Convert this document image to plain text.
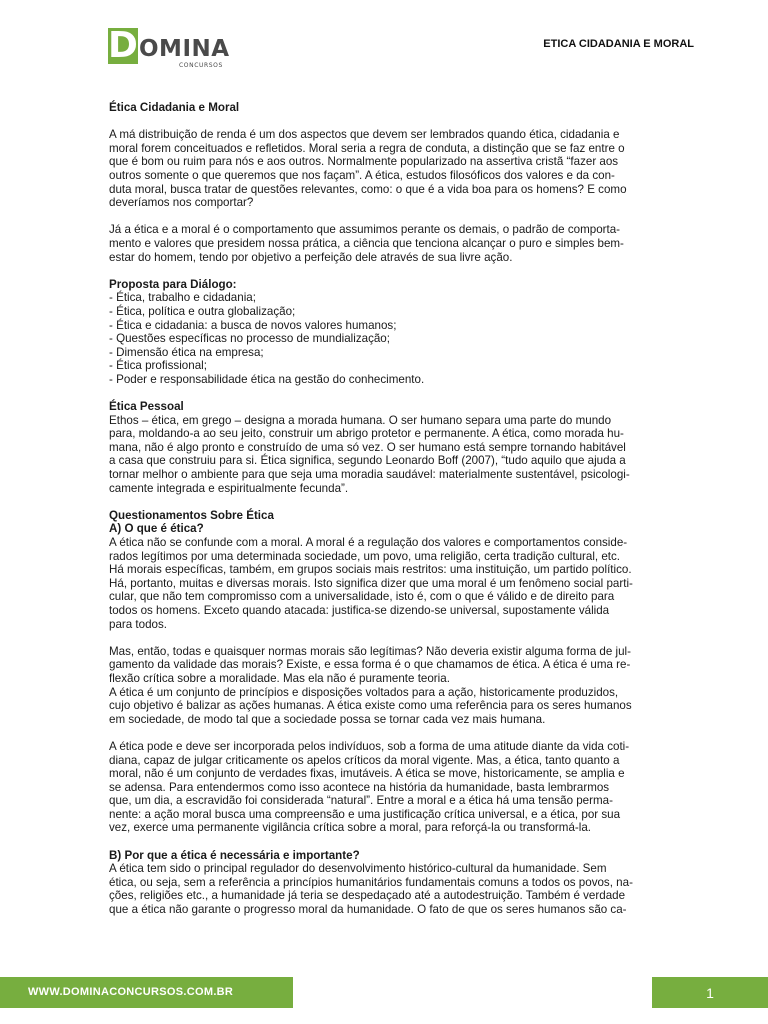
D OMINA
CONCURSOS
ETICA CIDADANIA E MORAL

Ética Cidadania e Moral

A má distribuição de renda é um dos aspectos que devem ser lembrados quando ética, cidadania e
moral forem conceituados e refletidos. Moral seria a regra de conduta, a distinção que se faz entre o
que é bom ou ruim para nós e aos outros. Normalmente popularizado na assertiva cristã “fazer aos
outros somente o que queremos que nos façam”. A ética, estudos filosóficos dos valores e da con-
duta moral, busca tratar de questões relevantes, como: o que é a vida boa para os homens? E como
deveríamos nos comportar?
Já a ética e a moral é o comportamento que assumimos perante os demais, o padrão de comporta-
mento e valores que presidem nossa prática, a ciência que tenciona alcançar o puro e simples bem-
estar do homem, tendo por objetivo a perfeição dele através de sua livre ação.

Proposta para Diálogo:

- Ética, trabalho e cidadania;
- Ética, política e outra globalização;
- Ética e cidadania: a busca de novos valores humanos;
- Questões específicas no processo de mundialização;
- Dimensão ética na empresa;
- Ética profissional;
- Poder e responsabilidade ética na gestão do conhecimento.

Ética Pessoal

Ethos – ética, em grego – designa a morada humana. O ser humano separa uma parte do mundo
para, moldando-a ao seu jeito, construir um abrigo protetor e permanente. A ética, como morada hu-
mana, não é algo pronto e construído de uma só vez. O ser humano está sempre tornando habitável
a casa que construiu para si. Ética significa, segundo Leonardo Boff (2007), “tudo aquilo que ajuda a
tornar melhor o ambiente para que seja uma moradia saudável: materialmente sustentável, psicologi-
camente integrada e espiritualmente fecunda”.

Questionamentos Sobre Ética

A) O que é ética?

A ética não se confunde com a moral. A moral é a regulação dos valores e comportamentos conside-
rados legítimos por uma determinada sociedade, um povo, uma religião, certa tradição cultural, etc.
Há morais específicas, também, em grupos sociais mais restritos: uma instituição, um partido político.
Há, portanto, muitas e diversas morais. Isto significa dizer que uma moral é um fenômeno social parti-
cular, que não tem compromisso com a universalidade, isto é, com o que é válido e de direito para
todos os homens. Exceto quando atacada: justifica-se dizendo-se universal, supostamente válida
para todos.
Mas, então, todas e quaisquer normas morais são legítimas? Não deveria existir alguma forma de jul-
gamento da validade das morais? Existe, e essa forma é o que chamamos de ética. A ética é uma re-
flexão crítica sobre a moralidade. Mas ela não é puramente teoria.
A ética é um conjunto de princípios e disposições voltados para a ação, historicamente produzidos,
cujo objetivo é balizar as ações humanas. A ética existe como uma referência para os seres humanos
em sociedade, de modo tal que a sociedade possa se tornar cada vez mais humana.
A ética pode e deve ser incorporada pelos indivíduos, sob a forma de uma atitude diante da vida coti-
diana, capaz de julgar criticamente os apelos críticos da moral vigente. Mas, a ética, tanto quanto a
moral, não é um conjunto de verdades fixas, imutáveis. A ética se move, historicamente, se amplia e
se adensa. Para entendermos como isso acontece na história da humanidade, basta lembrarmos
que, um dia, a escravidão foi considerada “natural”. Entre a moral e a ética há uma tensão perma-
nente: a ação moral busca uma compreensão e uma justificação crítica universal, e a ética, por sua
vez, exerce uma permanente vigilância crítica sobre a moral, para reforçá-la ou transformá-la.

B) Por que a ética é necessária e importante?

A ética tem sido o principal regulador do desenvolvimento histórico-cultural da humanidade. Sem
ética, ou seja, sem a referência a princípios humanitários fundamentais comuns a todos os povos, na-
ções, religiões etc., a humanidade já teria se despedaçado até a autodestruição. Também é verdade
que a ética não garante o progresso moral da humanidade. O fato de que os seres humanos são ca-
WWW.DOMINACONCURSOS.COM.BR	1
